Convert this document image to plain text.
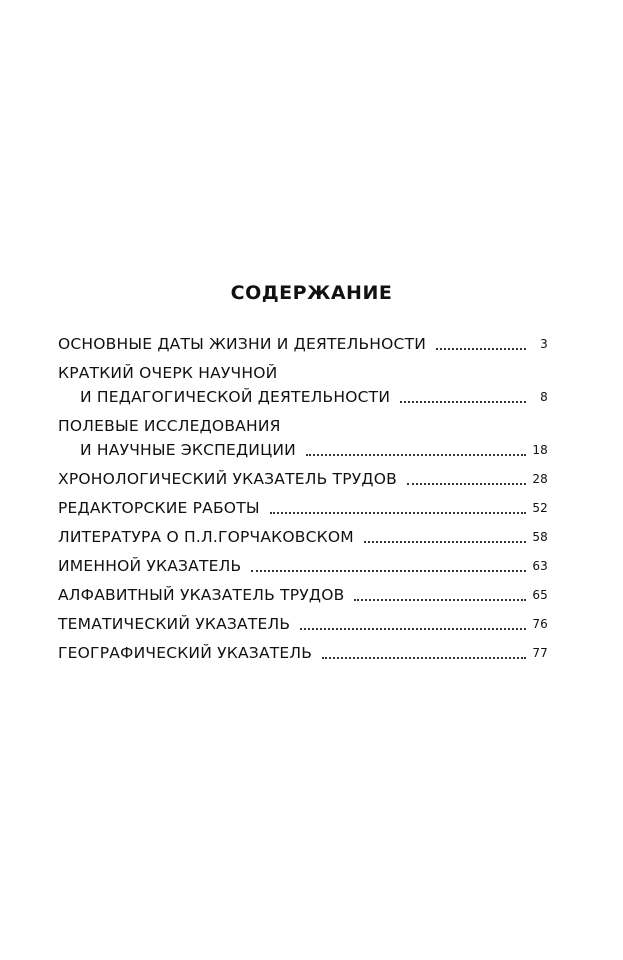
СОДЕРЖАНИЕ
ОСНОВНЫЕ ДАТЫ ЖИЗНИ И ДЕЯТЕЛЬНОСТИ	3
КРАТКИЙ ОЧЕРК НАУЧНОЙ
И ПЕДАГОГИЧЕСКОЙ ДЕЯТЕЛЬНОСТИ	8
ПОЛЕВЫЕ ИССЛЕДОВАНИЯ
И НАУЧНЫЕ ЭКСПЕДИЦИИ	18
ХРОНОЛОГИЧЕСКИЙ УКАЗАТЕЛЬ ТРУДОВ	28
РЕДАКТОРСКИЕ РАБОТЫ	52
ЛИТЕРАТУРА О П.Л.ГОРЧАКОВСКОМ	58
ИМЕННОЙ УКАЗАТЕЛЬ	63
АЛФАВИТНЫЙ УКАЗАТЕЛЬ ТРУДОВ	65
ТЕМАТИЧЕСКИЙ УКАЗАТЕЛЬ	76
ГЕОГРАФИЧЕСКИЙ УКАЗАТЕЛЬ	77
